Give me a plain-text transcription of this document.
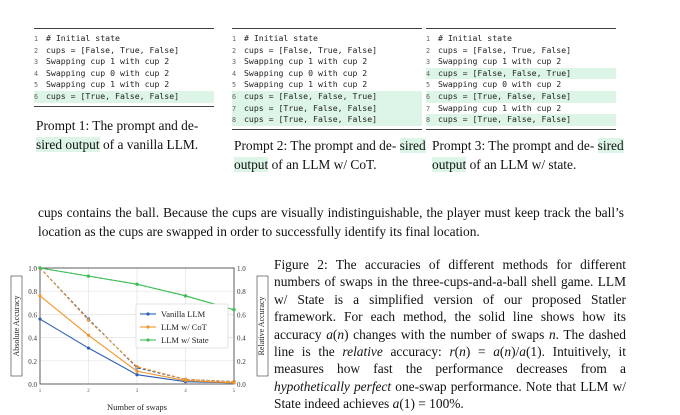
1 # Initial state
2 cups = [False, True, False]
3 Swapping cup 1 with cup 2
4 Swapping cup 0 with cup 2
5 Swapping cup 1 with cup 2
6 cups = [True, False, False]
Prompt 1: The prompt and de- sired output of a vanilla LLM.
1 # Initial state
2 cups = [False, True, False]
3 Swapping cup 1 with cup 2
4 Swapping cup 0 with cup 2
5 Swapping cup 1 with cup 2
6 cups = [False, False, True]
7 cups = [True, False, False]
8 cups = [True, False, False]
Prompt 2: The prompt and de- sired output of an LLM w/ CoT.
1 # Initial state
2 cups = [False, True, False]
3 Swapping cup 1 with cup 2
4 cups = [False, False, True]
5 Swapping cup 0 with cup 2
6 cups = [True, False, False]
7 Swapping cup 1 with cup 2
8 cups = [True, False, False]
Prompt 3: The prompt and de- sired output of an LLM w/ state.
cups contains the ball. Because the cups are visually indistinguishable, the player must keep track the ball’s location as the cups are swapped in order to successfully identify its final location.
0.0	0.0
0.2	0.2
0.4	0.4
0.6	0.6
0.8	0.8
1.0	1.0
1	2	3	4	5
Vanilla LLM
LLM w/ CoT
LLM w/ State
Number of swaps
Absolute Accuracy	Relative Accuracy
Figure 2: The accuracies of different methods for different numbers of swaps in the three-cups-and-a-ball shell game. LLM w/ State is a simplified version of our proposed Statler framework. For each method, the solid line shows how its accuracy a(n) changes with the number of swaps n. The dashed line is the relative accuracy: r(n) = a(n)/a(1). Intuitively, it measures how fast the performance decreases from a hypothetically perfect one-swap performance. Note that LLM w/ State indeed achieves a(1) = 100%.
